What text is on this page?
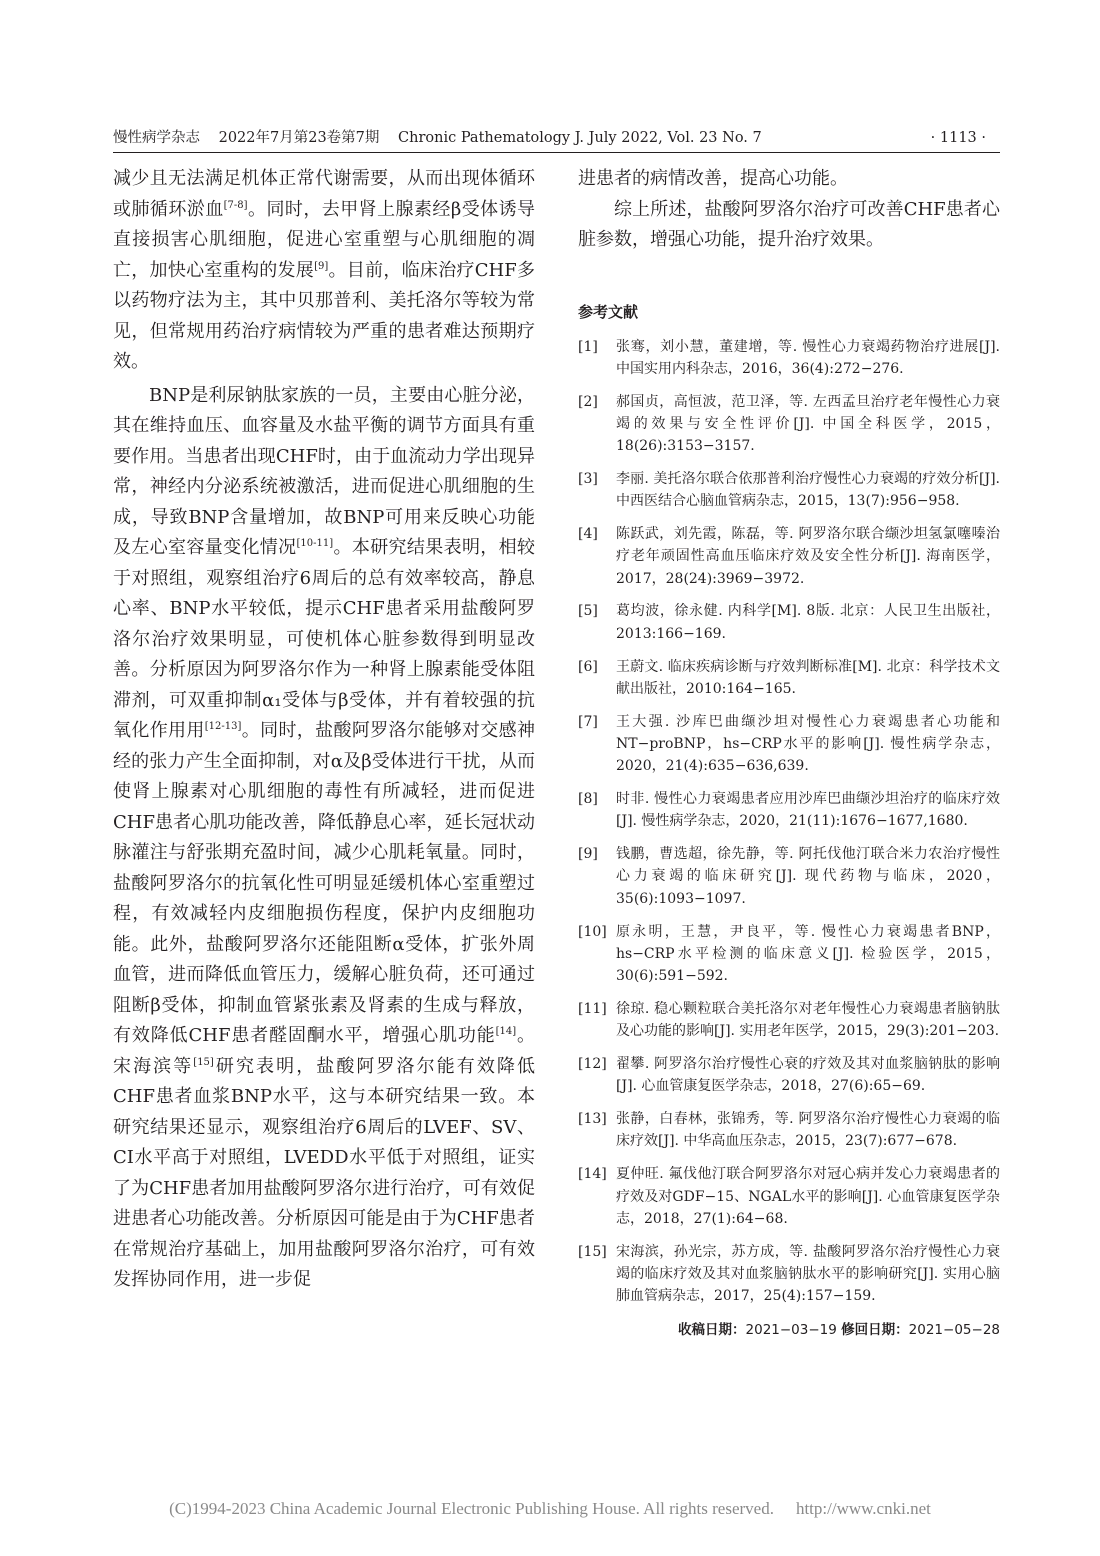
慢性病学杂志 2022年7月第23卷第7期 Chronic Pathematology J. July 2022, Vol. 23 No. 7	· 1113 ·

减少且无法满足机体正常代谢需要，从而出现体循环或肺循环淤血[7-8]。同时，去甲肾上腺素经β受体诱导直接损害心肌细胞，促进心室重塑与心肌细胞的凋亡，加快心室重构的发展[9]。目前，临床治疗CHF多以药物疗法为主，其中贝那普利、美托洛尔等较为常见，但常规用药治疗病情较为严重的患者难达预期疗效。

BNP是利尿钠肽家族的一员，主要由心脏分泌，其在维持血压、血容量及水盐平衡的调节方面具有重要作用。当患者出现CHF时，由于血流动力学出现异常，神经内分泌系统被激活，进而促进心肌细胞的生成，导致BNP含量增加，故BNP可用来反映心功能及左心室容量变化情况[10-11]。本研究结果表明，相较于对照组，观察组治疗6周后的总有效率较高，静息心率、BNP水平较低，提示CHF患者采用盐酸阿罗洛尔治疗效果明显，可使机体心脏参数得到明显改善。分析原因为阿罗洛尔作为一种肾上腺素能受体阻滞剂，可双重抑制α₁受体与β受体，并有着较强的抗氧化作用用[12-13]。同时，盐酸阿罗洛尔能够对交感神经的张力产生全面抑制，对α及β受体进行干扰，从而使肾上腺素对心肌细胞的毒性有所减轻，进而促进CHF患者心肌功能改善，降低静息心率，延长冠状动脉灌注与舒张期充盈时间，减少心肌耗氧量。同时，盐酸阿罗洛尔的抗氧化性可明显延缓机体心室重塑过程，有效减轻内皮细胞损伤程度，保护内皮细胞功能。此外，盐酸阿罗洛尔还能阻断α受体，扩张外周血管，进而降低血管压力，缓解心脏负荷，还可通过阻断β受体，抑制血管紧张素及肾素的生成与释放，有效降低CHF患者醛固酮水平，增强心肌功能[14]。宋海滨等[15]研究表明，盐酸阿罗洛尔能有效降低CHF患者血浆BNP水平，这与本研究结果一致。本研究结果还显示，观察组治疗6周后的LVEF、SV、CI水平高于对照组，LVEDD水平低于对照组，证实了为CHF患者加用盐酸阿罗洛尔进行治疗，可有效促进患者心功能改善。分析原因可能是由于为CHF患者在常规治疗基础上，加用盐酸阿罗洛尔治疗，可有效发挥协同作用，进一步促

进患者的病情改善，提高心功能。

综上所述，盐酸阿罗洛尔治疗可改善CHF患者心脏参数，增强心功能，提升治疗效果。

参考文献
[1]	张骞，刘小慧，董建增，等. 慢性心力衰竭药物治疗进展[J]. 中国实用内科杂志，2016，36(4):272−276.
[2]	郝国贞，高恒波，范卫泽，等. 左西孟旦治疗老年慢性心力衰竭的效果与安全性评价[J]. 中国全科医学，2015，18(26):3153−3157.
[3]	李丽. 美托洛尔联合依那普利治疗慢性心力衰竭的疗效分析[J]. 中西医结合心脑血管病杂志，2015，13(7):956−958.
[4]	陈跃武，刘先霞，陈磊，等. 阿罗洛尔联合缬沙坦氢氯噻嗪治疗老年顽固性高血压临床疗效及安全性分析[J]. 海南医学，2017，28(24):3969−3972.
[5]	葛均波，徐永健. 内科学[M]. 8版. 北京：人民卫生出版社，2013:166−169.
[6]	王蔚文. 临床疾病诊断与疗效判断标准[M]. 北京：科学技术文献出版社，2010:164−165.
[7]	王大强. 沙库巴曲缬沙坦对慢性心力衰竭患者心功能和NT−proBNP，hs−CRP水平的影响[J]. 慢性病学杂志，2020，21(4):635−636,639.
[8]	时非. 慢性心力衰竭患者应用沙库巴曲缬沙坦治疗的临床疗效[J]. 慢性病学杂志，2020，21(11):1676−1677,1680.
[9]	钱鹏，曹选超，徐先静，等. 阿托伐他汀联合米力农治疗慢性心力衰竭的临床研究[J]. 现代药物与临床，2020，35(6):1093−1097.
[10] 原永明，王慧，尹良平，等. 慢性心力衰竭患者BNP，hs−CRP水平检测的临床意义[J]. 检验医学，2015，30(6):591−592.
[11] 徐琼. 稳心颗粒联合美托洛尔对老年慢性心力衰竭患者脑钠肽及心功能的影响[J]. 实用老年医学，2015，29(3):201−203.
[12] 翟攀. 阿罗洛尔治疗慢性心衰的疗效及其对血浆脑钠肽的影响[J]. 心血管康复医学杂志，2018，27(6):65−69.
[13] 张静，白春林，张锦秀，等. 阿罗洛尔治疗慢性心力衰竭的临床疗效[J]. 中华高血压杂志，2015，23(7):677−678.
[14] 夏仲旺. 氟伐他汀联合阿罗洛尔对冠心病并发心力衰竭患者的疗效及对GDF−15、NGAL水平的影响[J]. 心血管康复医学杂志，2018，27(1):64−68.
[15] 宋海滨，孙光宗，苏方成，等. 盐酸阿罗洛尔治疗慢性心力衰竭的临床疗效及其对血浆脑钠肽水平的影响研究[J]. 实用心脑肺血管病杂志，2017，25(4):157−159.
收稿日期：2021−03−19 修回日期：2021−05−28
(C)1994-2023 China Academic Journal Electronic Publishing House. All rights reserved. http://www.cnki.net
